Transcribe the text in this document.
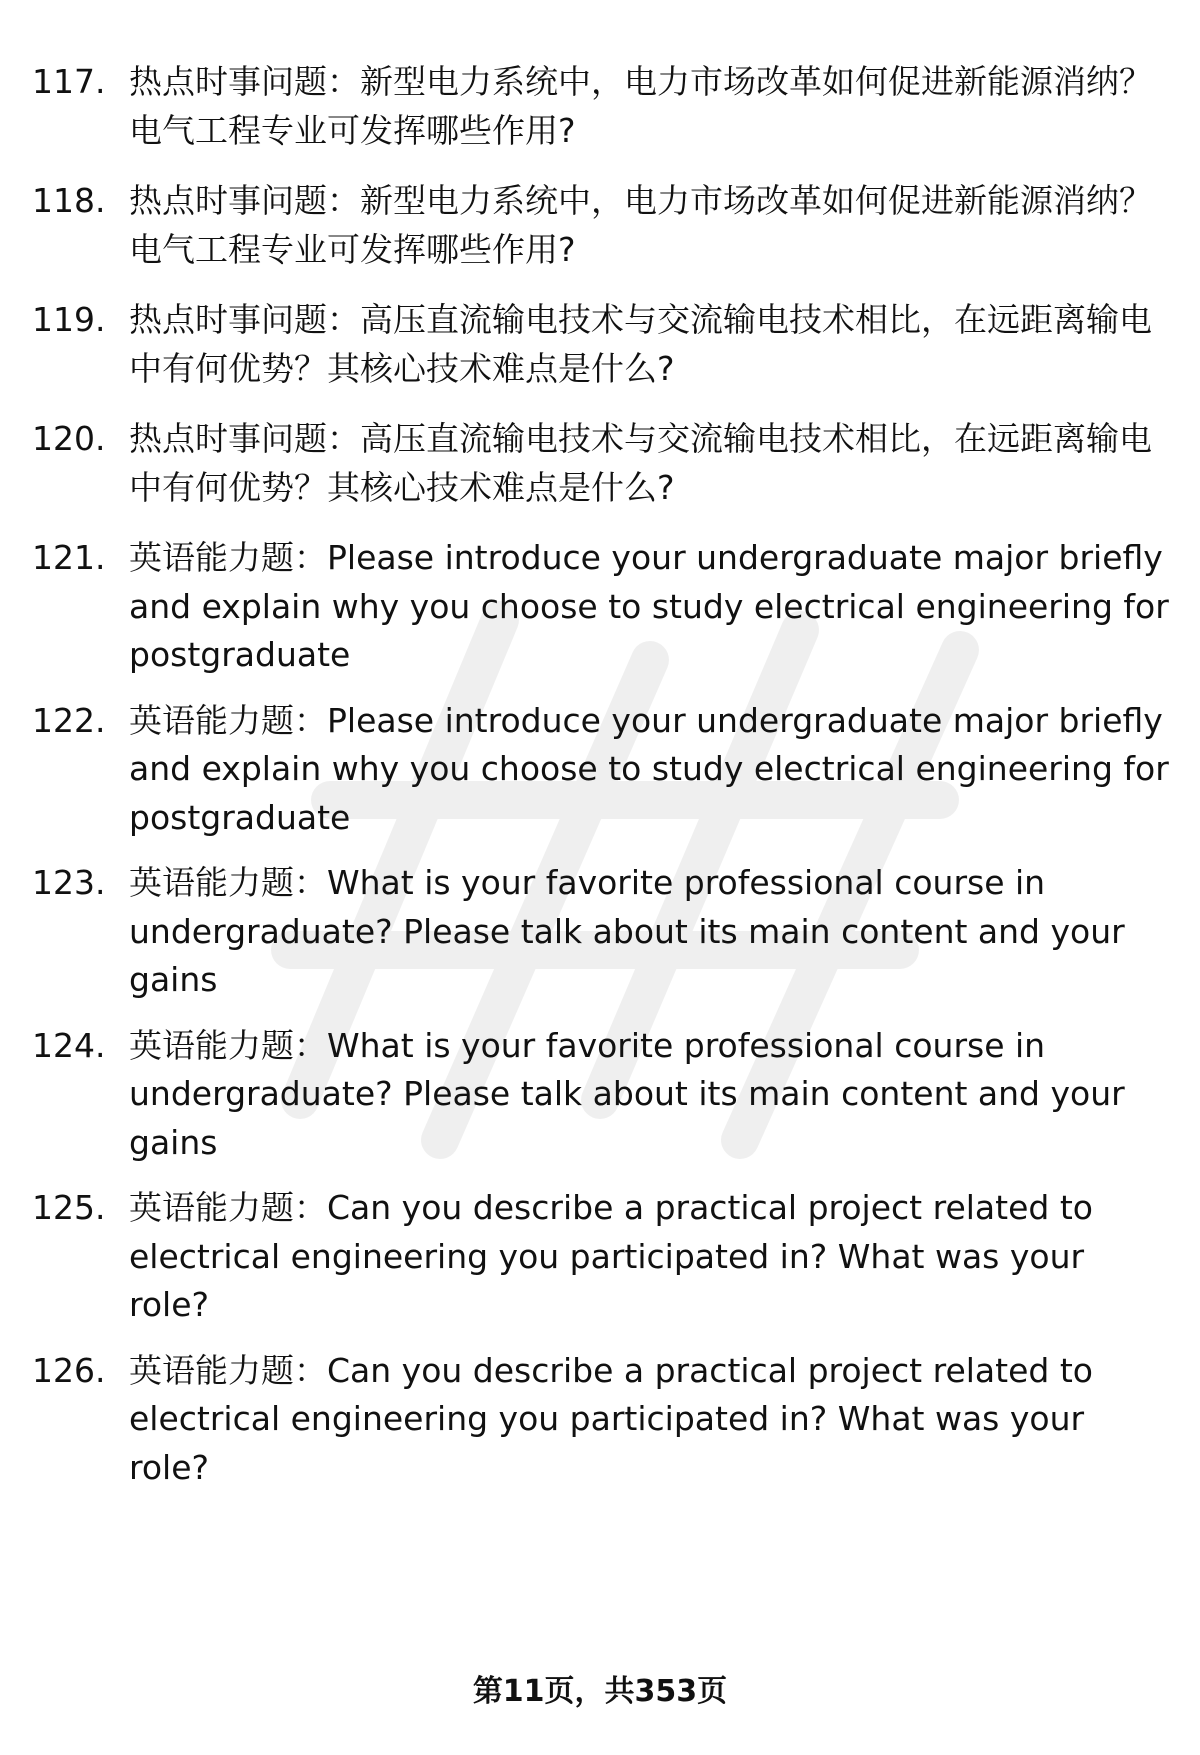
117. 热点时事问题：新型电力系统中，电力市场改革如何促进新能源消纳？电气工程专业可发挥哪些作用?
118. 热点时事问题：新型电力系统中，电力市场改革如何促进新能源消纳？电气工程专业可发挥哪些作用?
119. 热点时事问题：高压直流输电技术与交流输电技术相比，在远距离输电中有何优势？其核心技术难点是什么?
120. 热点时事问题：高压直流输电技术与交流输电技术相比，在远距离输电中有何优势？其核心技术难点是什么?
121. 英语能力题：Please introduce your undergraduate major briefly and explain why you choose to study electrical engineering for postgraduate
122. 英语能力题：Please introduce your undergraduate major briefly and explain why you choose to study electrical engineering for postgraduate
123. 英语能力题：What is your favorite professional course in undergraduate? Please talk about its main content and your gains
124. 英语能力题：What is your favorite professional course in undergraduate? Please talk about its main content and your gains
125. 英语能力题：Can you describe a practical project related to electrical engineering you participated in? What was your role?
126. 英语能力题：Can you describe a practical project related to electrical engineering you participated in? What was your role?
第11页，共353页
